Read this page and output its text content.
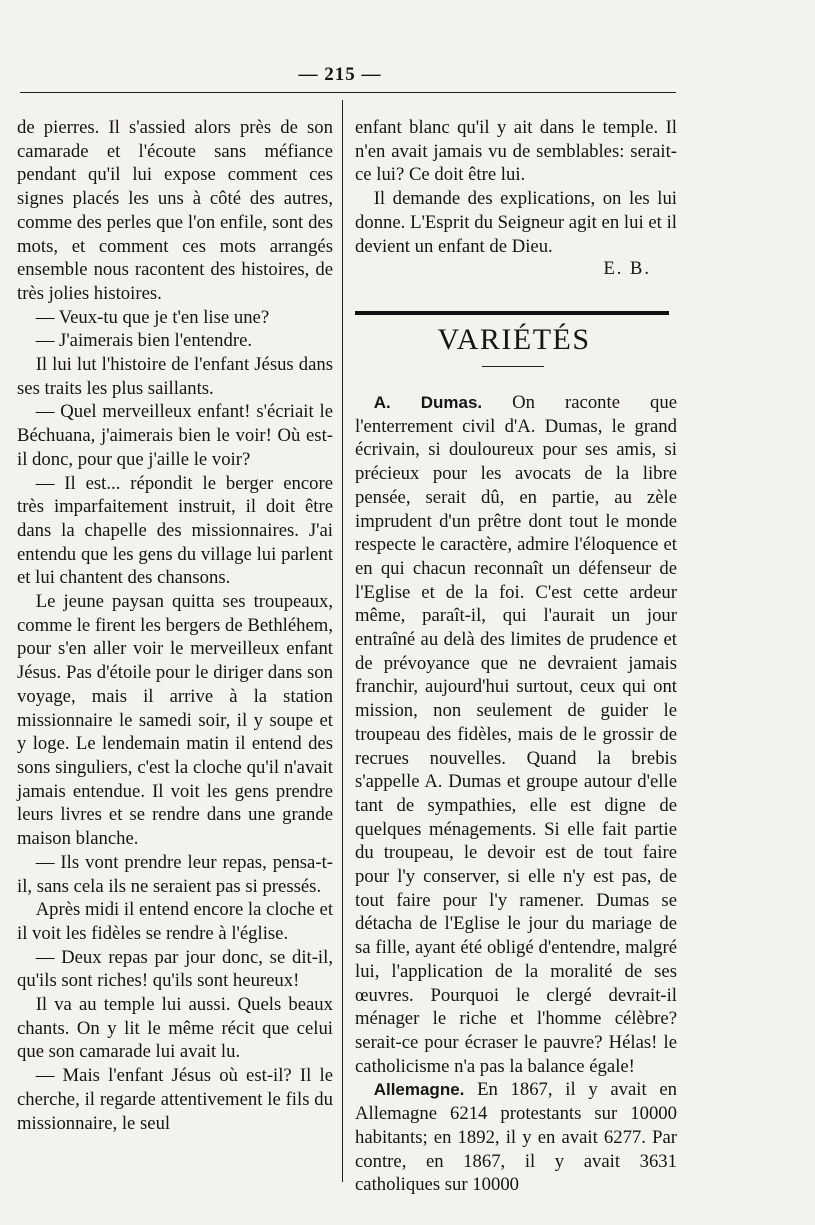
— 215 —

de pierres. Il s'assied alors près de son camarade et l'écoute sans méfiance pendant qu'il lui expose comment ces signes placés les uns à côté des autres, comme des perles que l'on enfile, sont des mots, et comment ces mots arrangés ensemble nous racontent des histoires, de très jolies histoires.

— Veux-tu que je t'en lise une?

— J'aimerais bien l'entendre.

Il lui lut l'histoire de l'enfant Jésus dans ses traits les plus saillants.

— Quel merveilleux enfant! s'écriait le Béchuana, j'aimerais bien le voir! Où est-il donc, pour que j'aille le voir?

— Il est... répondit le berger encore très imparfaitement instruit, il doit être dans la chapelle des missionnaires. J'ai entendu que les gens du village lui parlent et lui chantent des chansons.

Le jeune paysan quitta ses troupeaux, comme le firent les bergers de Bethléhem, pour s'en aller voir le merveilleux enfant Jésus. Pas d'étoile pour le diriger dans son voyage, mais il arrive à la station missionnaire le samedi soir, il y soupe et y loge. Le lendemain matin il entend des sons singuliers, c'est la cloche qu'il n'avait jamais entendue. Il voit les gens prendre leurs livres et se rendre dans une grande maison blanche.

— Ils vont prendre leur repas, pensa-t-il, sans cela ils ne seraient pas si pressés.

Après midi il entend encore la cloche et il voit les fidèles se rendre à l'église.

— Deux repas par jour donc, se dit-il, qu'ils sont riches! qu'ils sont heureux!

Il va au temple lui aussi. Quels beaux chants. On y lit le même récit que celui que son camarade lui avait lu.

— Mais l'enfant Jésus où est-il? Il le cherche, il regarde attentivement le fils du missionnaire, le seul

enfant blanc qu'il y ait dans le temple. Il n'en avait jamais vu de semblables: serait-ce lui? Ce doit être lui.

Il demande des explications, on les lui donne. L'Esprit du Seigneur agit en lui et il devient un enfant de Dieu.

E. B.

VARIÉTÉS

A. Dumas. On raconte que l'enterrement civil d'A. Dumas, le grand écrivain, si douloureux pour ses amis, si précieux pour les avocats de la libre pensée, serait dû, en partie, au zèle imprudent d'un prêtre dont tout le monde respecte le caractère, admire l'éloquence et en qui chacun reconnaît un défenseur de l'Eglise et de la foi. C'est cette ardeur même, paraît-il, qui l'aurait un jour entraîné au delà des limites de prudence et de prévoyance que ne devraient jamais franchir, aujourd'hui surtout, ceux qui ont mission, non seulement de guider le troupeau des fidèles, mais de le grossir de recrues nouvelles. Quand la brebis s'appelle A. Dumas et groupe autour d'elle tant de sympathies, elle est digne de quelques ménagements. Si elle fait partie du troupeau, le devoir est de tout faire pour l'y conserver, si elle n'y est pas, de tout faire pour l'y ramener. Dumas se détacha de l'Eglise le jour du mariage de sa fille, ayant été obligé d'entendre, malgré lui, l'application de la moralité de ses œuvres. Pourquoi le clergé devrait-il ménager le riche et l'homme célèbre? serait-ce pour écraser le pauvre? Hélas! le catholicisme n'a pas la balance égale!

Allemagne. En 1867, il y avait en Allemagne 6214 protestants sur 10000 habitants; en 1892, il y en avait 6277. Par contre, en 1867, il y avait 3631 catholiques sur 10000
